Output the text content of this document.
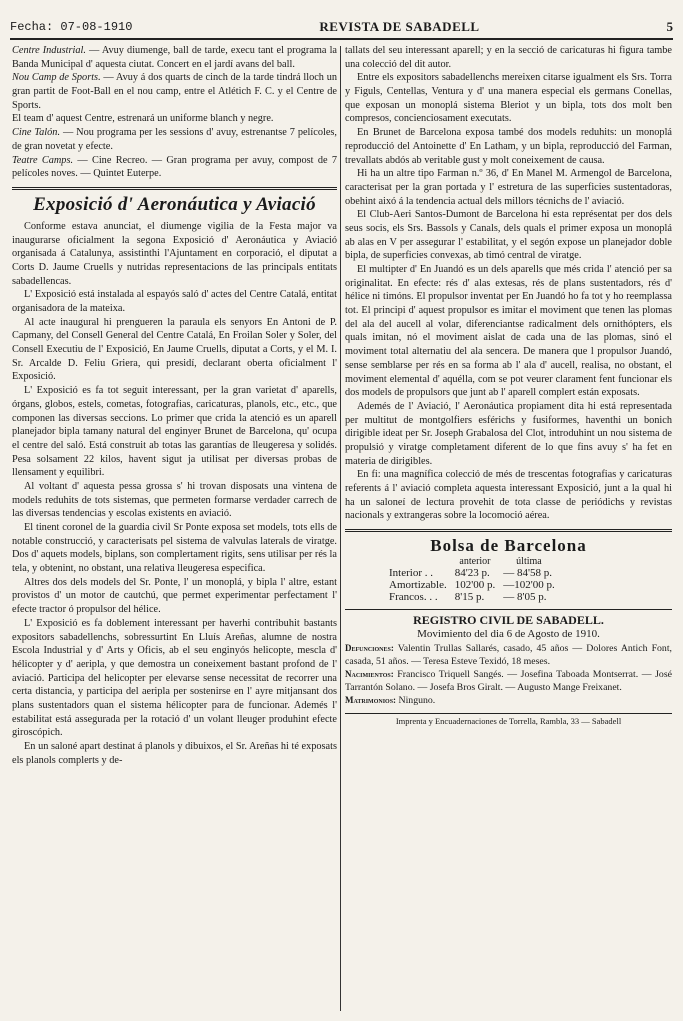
Fecha: 07-08-1910	REVISTA DE SABADELL	5

Centre Industrial. — Avuy diumenge, ball de tarde, execu tant el programa la Banda Municipal d' aquesta ciutat. Concert en el jardí avans del ball.

Nou Camp de Sports. — Avuy á dos quarts de cinch de la tarde tindrá lloch un gran partit de Foot-Ball en el nou camp, entre el Atlétich F. C. y el Centre de Sports.

El team d' aquest Centre, estrenará un uniforme blanch y negre.

Cine Talón. — Nou programa per les sessions d' avuy, estrenantse 7 pelícoles, de gran novetat y efecte.

Teatre Camps. — Cine Recreo. — Gran programa per avuy, compost de 7 pelícoles noves. — Quintet Euterpe.

Exposició d' Aeronáutica y Aviació

Conforme estava anunciat, el diumenge vigilia de la Festa major va inaugurarse oficialment la segona Exposició d' Aeronáutica y Aviació organisada á Catalunya, assistinthi l'Ajuntament en corporació, el diputat a Corts D. Jaume Cruells y nutridas representacions de las principals entitats sabadellencas.

L' Exposició está instalada al espayós saló d' actes del Centre Catalá, entitat organisadora de la mateixa.

Al acte inaugural hi prengueren la paraula els senyors En Antoni de P. Capmany, del Consell General del Centre Catalá, En Froilan Soler y Soler, del Consell Executiu de l' Exposició, En Jaume Cruells, diputat a Corts, y el M. I. Sr. Arcalde D. Feliu Griera, qui presidí, declarant oberta oficialment l' Exposició.

L' Exposició es fa tot seguit interessant, per la gran varietat d' aparells, órgans, globos, estels, cometas, fotografias, caricaturas, planols, etc., etc., que componen las diversas seccions. Lo primer que crida la atenció es un aparell planejador bipla tamany natural del enginyer Brunet de Barcelona, qu' ocupa el centre del saló. Está construit ab totas las garantías de lleugeresa y solidés. Pesa solsament 22 kilos, havent sigut ja utilisat per diversas probas de llensament y equilibri.

Al voltant d' aquesta pessa grossa s' hi trovan disposats una vintena de models reduhits de tots sistemas, que permeten formarse verdader carrech de las diversas tendencias y escolas existents en aviació.

El tinent coronel de la guardia civil Sr Ponte exposa set models, tots ells de notable construcció, y caracterisats pel sistema de valvulas laterals de viratge. Dos d' aquets models, biplans, son complertament rigits, sens utilisar per rés la tela, y obtenint, no obstant, una relativa lleugeresa especifica.

Altres dos dels models del Sr. Ponte, l' un monoplá, y bipla l' altre, estant provistos d' un motor de cautchú, que permet experimentar perfectament l' efecte tractor ó propulsor del hélice.

L' Exposició es fa doblement interessant per haverhi contribuhit bastants expositors sabadellenchs, sobressurtint En Lluís Areñas, alumne de nostra Escola Industrial y d' Arts y Oficis, ab el seu enginyós helicopte, mescla d' hélicopter y d' aeripla, y que demostra un coneixement bastant profond de l' aviació. Participa del helicopter per elevarse sense necessitat de recorrer una certa distancia, y participa del aeripla per sostenirse en l' ayre mitjansant dos plans sustentadors quan el sistema hélicopter para de funcionar. Ademés l' estabilitat está assegurada per la rotació d' un volant lleuger produhint efecte giroscópich.

En un saloné apart destinat á planols y dibuixos, el Sr. Areñas hi té exposats els planols complerts y de-

tallats del seu interessant aparell; y en la secció de caricaturas hi figura tambe una colecció del dit autor.

Entre els expositors sabadellenchs mereixen citarse igualment els Srs. Torra y Figuls, Centellas, Ventura y d' una manera especial els germans Conellas, que exposan un monoplá sistema Bleriot y un bipla, tots dos molt ben compresos, concienciosament executats.

En Brunet de Barcelona exposa també dos models reduhits: un monoplá reproducció del Antoinette d' En Latham, y un bipla, reproducció del Farman, trevallats abdós ab veritable gust y molt coneixement de causa.

Hi ha un altre tipo Farman n.º 36, d' En Manel M. Armengol de Barcelona, caracterisat per la gran portada y l' estretura de las superficies sustentadoras, obehint aixó á la tendencia actual dels millors técnichs de l' aviació.

El Club-Aeri Santos-Dumont de Barcelona hi esta représentat per dos dels seus socis, els Srs. Bassols y Canals, dels quals el primer exposa un monoplá ab alas en V per assegurar l' estabilitat, y el segón expose un planejador doble bipla, de superficies convexas, ab timó central de viratge.

El multipter d' En Juandó es un dels aparells que més crida l' atenció per sa originalitat. En efecte: rés d' alas extesas, rés de plans sustentadors, rés d' hélice ni timóns. El propulsor inventat per En Juandó ho fa tot y ho reemplassa tot. El principi d' aquest propulsor es imitar el moviment que tenen las plomas del ala del aucell al volar, diferenciantse radicalment dels ornithópters, els quals imitan, nó el moviment aislat de cada una de las plomas, sinó el moviment total alternatiu del ala sencera. De manera que l propulsor Juandó, sense semblarse per rés en sa forma ab l' ala d' aucell, realisa, no obstant, el moviment elemental d' aquélla, com se pot veurer clarament fent funcionar els dos models de propulsors que junt ab l' aparell complert están exposats.

Ademés de l' Aviació, l' Aeronáutica propiament dita hi está representada per multitut de montgolfiers esférichs y fusiformes, haventhi un bonich dirigible ideat per Sr. Joseph Grabalosa del Clot, introduhint un nou sistema de propulsió y viratge completament diferent de lo que fins avuy s' ha fet en materia de dirigibles.

En fi: una magnífica colecció de més de trescentas fotografias y caricaturas referents á l' aviació completa aquesta interessant Exposició, junt a la qual hi ha un saloneí de lectura provehit de tota classe de periódichs y revistas nacionals y extrangeras sobre la locomoció aérea.

Bolsa de Barcelona
	anterior	última
Interior . .	84'23 p.	— 84'58 p.
Amortizable.	102'00 p.	—102'00 p.
Francos. . .	8'15 p.	— 8'05 p.
REGISTRO CIVIL DE SABADELL.
Movimiento del dia 6 de Agosto de 1910.

Defunciones: Valentin Trullas Sallarés, casado, 45 años — Dolores Antich Font, casada, 51 años. — Teresa Esteve Texidó, 18 meses.

Nacimientos: Francisco Triquell Sangés. — Josefina Taboada Montserrat. — José Tarrantón Solano. — Josefa Bros Giralt. — Augusto Mange Freixanet.

Matrimonios: Ninguno.

Imprenta y Encuadernaciones de Torrella, Rambla, 33 — Sabadell
